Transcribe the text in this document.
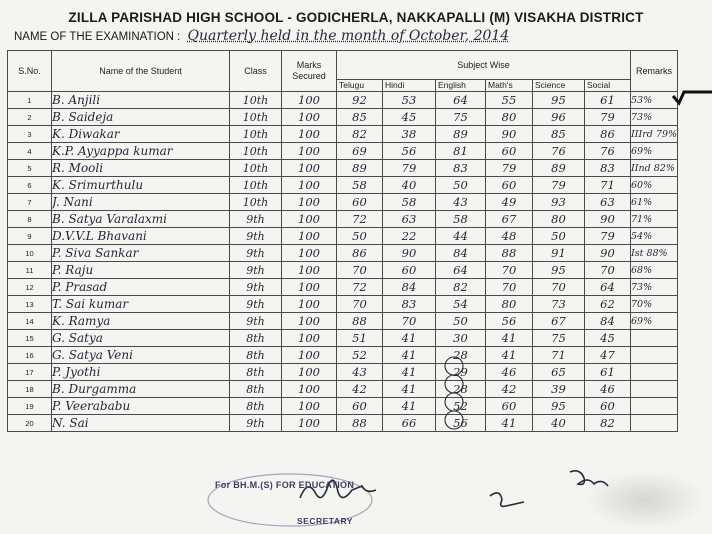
ZILLA PARISHAD HIGH SCHOOL - GODICHERLA, NAKKAPALLI (M) VISAKHA DISTRICT
NAME OF THE EXAMINATION : Quarterly held in the month of October, 2014
S.No.	Name of the Student	Class	Marks Secured	Subject Wise						Remarks
				Telugu	Hindi	English	Math's	Science	Social	
1	B. Anjili	10th	100	92	53	64	55	95	61	53%
2	B. Saideja	10th	100	85	45	75	80	96	79	73%
3	K. Diwakar	10th	100	82	38	89	90	85	86	IIIrd 79%
4	K.P. Ayyappa kumar	10th	100	69	56	81	60	76	76	69%
5	R. Mooli	10th	100	89	79	83	79	89	83	IInd 82%
6	K. Srimurthulu	10th	100	58	40	50	60	79	71	60%
7	J. Nani	10th	100	60	58	43	49	93	63	61%
8	B. Satya Varalaxmi	9th	100	72	63	58	67	80	90	71%
9	D.V.V.L Bhavani	9th	100	50	22	44	48	50	79	54%
10	P. Siva Sankar	9th	100	86	90	84	88	91	90	Ist 88%
11	P. Raju	9th	100	70	60	64	70	95	70	68%
12	P. Prasad	9th	100	72	84	82	70	70	64	73%
13	T. Sai kumar	9th	100	70	83	54	80	73	62	70%
14	K. Ramya	9th	100	88	70	50	56	67	84	69%
15	G. Satya	8th	100	51	41	30	41	75	45	
16	G. Satya Veni	8th	100	52	41	28	41	71	47	
17	P. Jyothi	8th	100	43	41	29	46	65	61	
18	B. Durgamma	8th	100	42	41	28	42	39	46	
19	P. Veerababu	8th	100	60	41	52	60	95	60	
20	N. Sai	9th	100	88	66	56	41	40	82	
For BH.M.(S) FOR EDUCATION
SECRETARY
